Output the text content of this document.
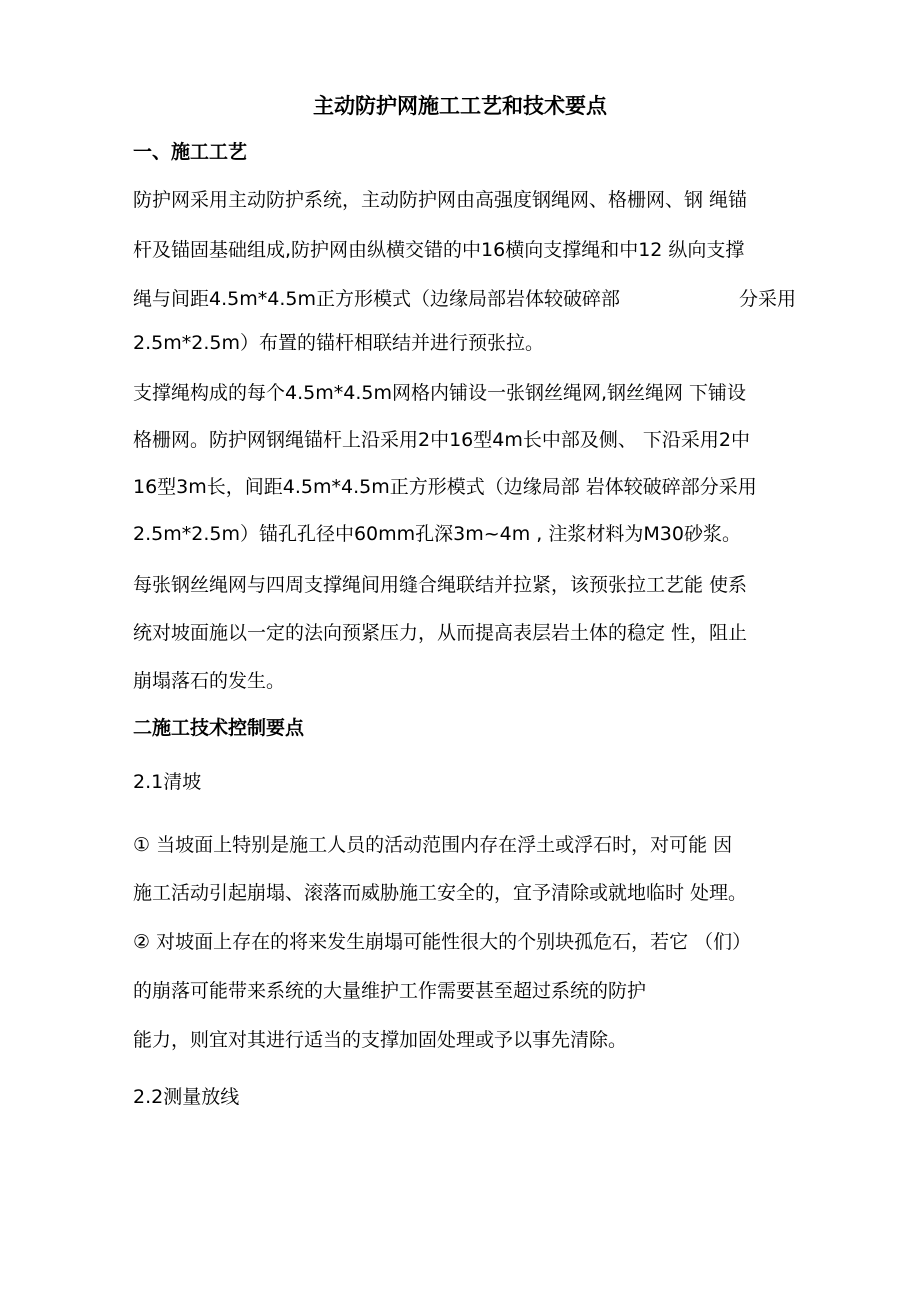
主动防护网施工工艺和技术要点
一、施工工艺
防护网采用主动防护系统，主动防护网由高强度钢绳网、格栅网、钢 绳锚
杆及锚固基础组成,防护网由纵横交错的中16横向支撑绳和中12 纵向支撑
绳与间距4.5m*4.5m正方形模式（边缘局部岩体较破碎部	分采用
2.5m*2.5m）布置的锚杆相联结并进行预张拉。
支撑绳构成的每个4.5m*4.5m网格内铺设一张钢丝绳网,钢丝绳网 下铺设
格栅网。防护网钢绳锚杆上沿采用2中16型4m长中部及侧、 下沿采用2中
16型3m长，间距4.5m*4.5m正方形模式（边缘局部 岩体较破碎部分采用
2.5m*2.5m）锚孔孔径中60mm孔深3m~4m , 注浆材料为M30砂浆。
每张钢丝绳网与四周支撑绳间用缝合绳联结并拉紧，该预张拉工艺能 使系
统对坡面施以一定的法向预紧压力，从而提高表层岩土体的稳定 性，阻止
崩塌落石的发生。
二施工技术控制要点
2.1清坡
① 当坡面上特别是施工人员的活动范围内存在浮土或浮石时，对可能 因
施工活动引起崩塌、滚落而威胁施工安全的，宜予清除或就地临时 处理。
② 对坡面上存在的将来发生崩塌可能性很大的个别块孤危石，若它 （们）
的崩落可能带来系统的大量维护工作需要甚至超过系统的防护
能力，则宜对其进行适当的支撑加固处理或予以事先清除。
2.2测量放线
